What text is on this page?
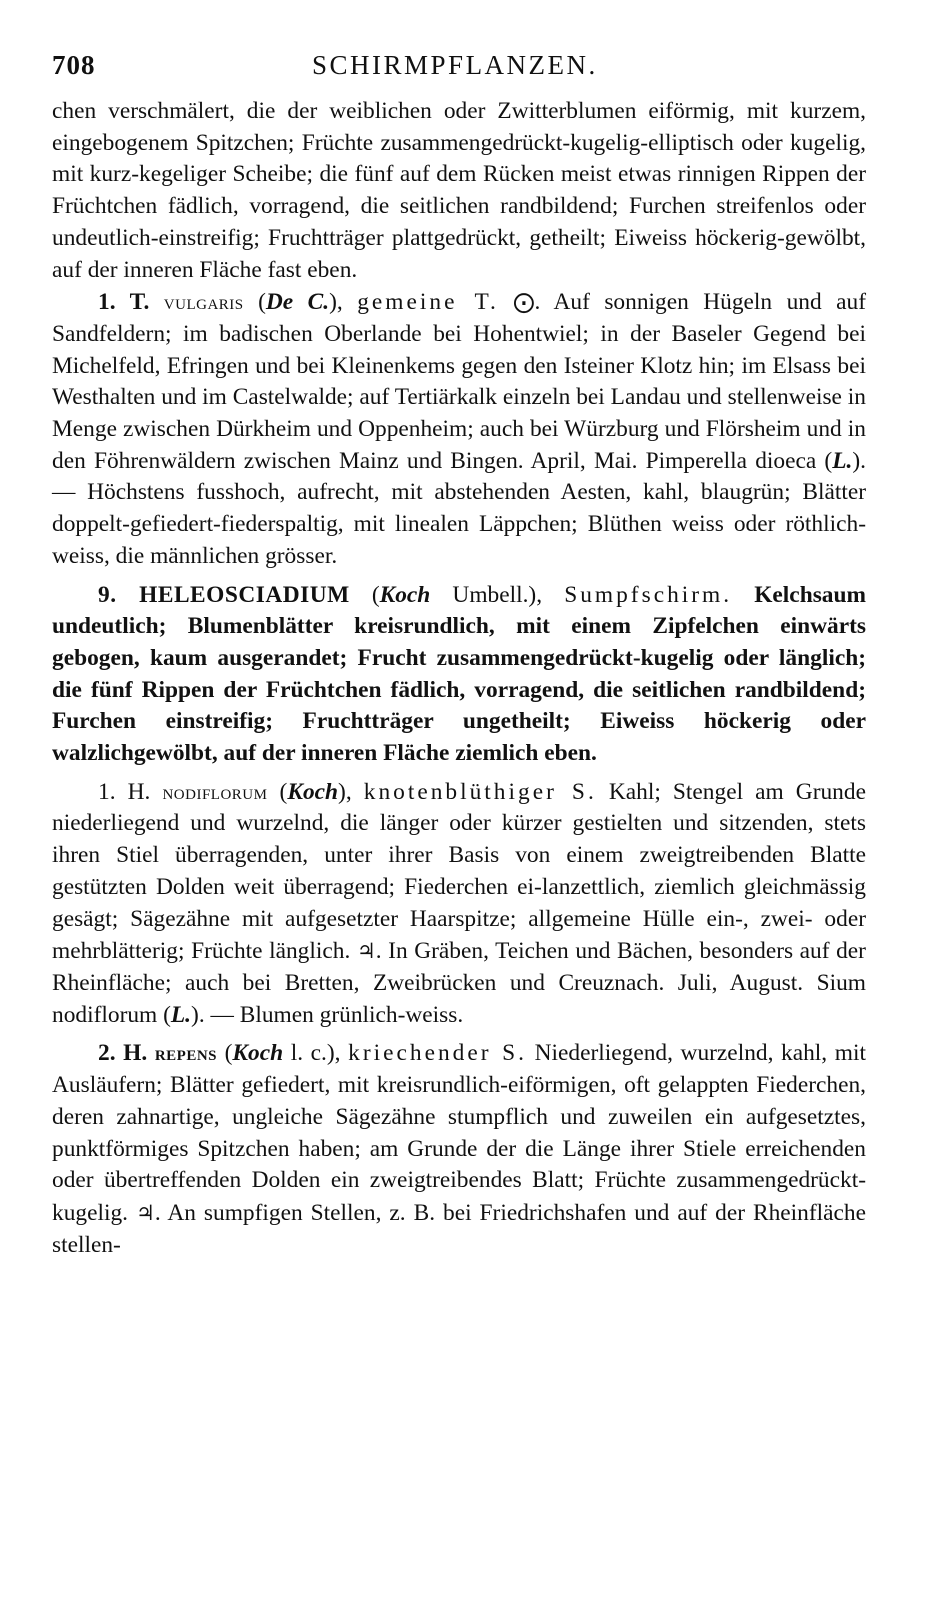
708	SCHIRMPFLANZEN.

chen verschmälert, die der weiblichen oder Zwitterblumen eiförmig, mit kurzem, eingebogenem Spitzchen; Früchte zusammengedrückt-kugelig-elliptisch oder kugelig, mit kurz-kegeliger Scheibe; die fünf auf dem Rücken meist etwas rinnigen Rippen der Früchtchen fädlich, vorragend, die seitlichen randbildend; Furchen streifenlos oder undeutlich-einstreifig; Fruchtträger plattgedrückt, getheilt; Eiweiss höckerig-gewölbt, auf der inneren Fläche fast eben.

1. T. vulgaris (De C.), gemeine T. ⨀. Auf sonnigen Hügeln und auf Sandfeldern; im badischen Oberlande bei Hohentwiel; in der Baseler Gegend bei Michelfeld, Efringen und bei Kleinenkems gegen den Isteiner Klotz hin; im Elsass bei Westhalten und im Castelwalde; auf Tertiärkalk einzeln bei Landau und stellenweise in Menge zwischen Dürkheim und Oppenheim; auch bei Würzburg und Flörsheim und in den Föhrenwäldern zwischen Mainz und Bingen. April, Mai. Pimperella dioeca (L.). — Höchstens fusshoch, aufrecht, mit abstehenden Aesten, kahl, blaugrün; Blätter doppelt-gefiedert-fiederspaltig, mit linealen Läppchen; Blüthen weiss oder röthlich-weiss, die männlichen grösser.

9. HELEOSCIADIUM (Koch Umbell.), Sumpfschirm. Kelchsaum undeutlich; Blumenblätter kreisrundlich, mit einem Zipfelchen einwärts gebogen, kaum ausgerandet; Frucht zusammengedrückt-kugelig oder länglich; die fünf Rippen der Früchtchen fädlich, vorragend, die seitlichen randbildend; Furchen einstreifig; Fruchtträger ungetheilt; Eiweiss höckerig oder walzlichgewölbt, auf der inneren Fläche ziemlich eben.

1. H. nodiflorum (Koch), knotenblüthiger S. Kahl; Stengel am Grunde niederliegend und wurzelnd, die länger oder kürzer gestielten und sitzenden, stets ihren Stiel überragenden, unter ihrer Basis von einem zweigtreibenden Blatte gestützten Dolden weit überragend; Fiederchen ei-lanzettlich, ziemlich gleichmässig gesägt; Sägezähne mit aufgesetzter Haarspitze; allgemeine Hülle ein-, zwei- oder mehrblätterig; Früchte länglich. ♃. In Gräben, Teichen und Bächen, besonders auf der Rheinfläche; auch bei Bretten, Zweibrücken und Creuznach. Juli, August. Sium nodiflorum (L.). — Blumen grünlich-weiss.

2. H. repens (Koch l. c.), kriechender S. Niederliegend, wurzelnd, kahl, mit Ausläufern; Blätter gefiedert, mit kreisrundlich-eiförmigen, oft gelappten Fiederchen, deren zahnartige, ungleiche Sägezähne stumpflich und zuweilen ein aufgesetztes, punktförmiges Spitzchen haben; am Grunde der die Länge ihrer Stiele erreichenden oder übertreffenden Dolden ein zweigtreibendes Blatt; Früchte zusammengedrückt-kugelig. ♃. An sumpfigen Stellen, z. B. bei Friedrichshafen und auf der Rheinfläche stellen-
